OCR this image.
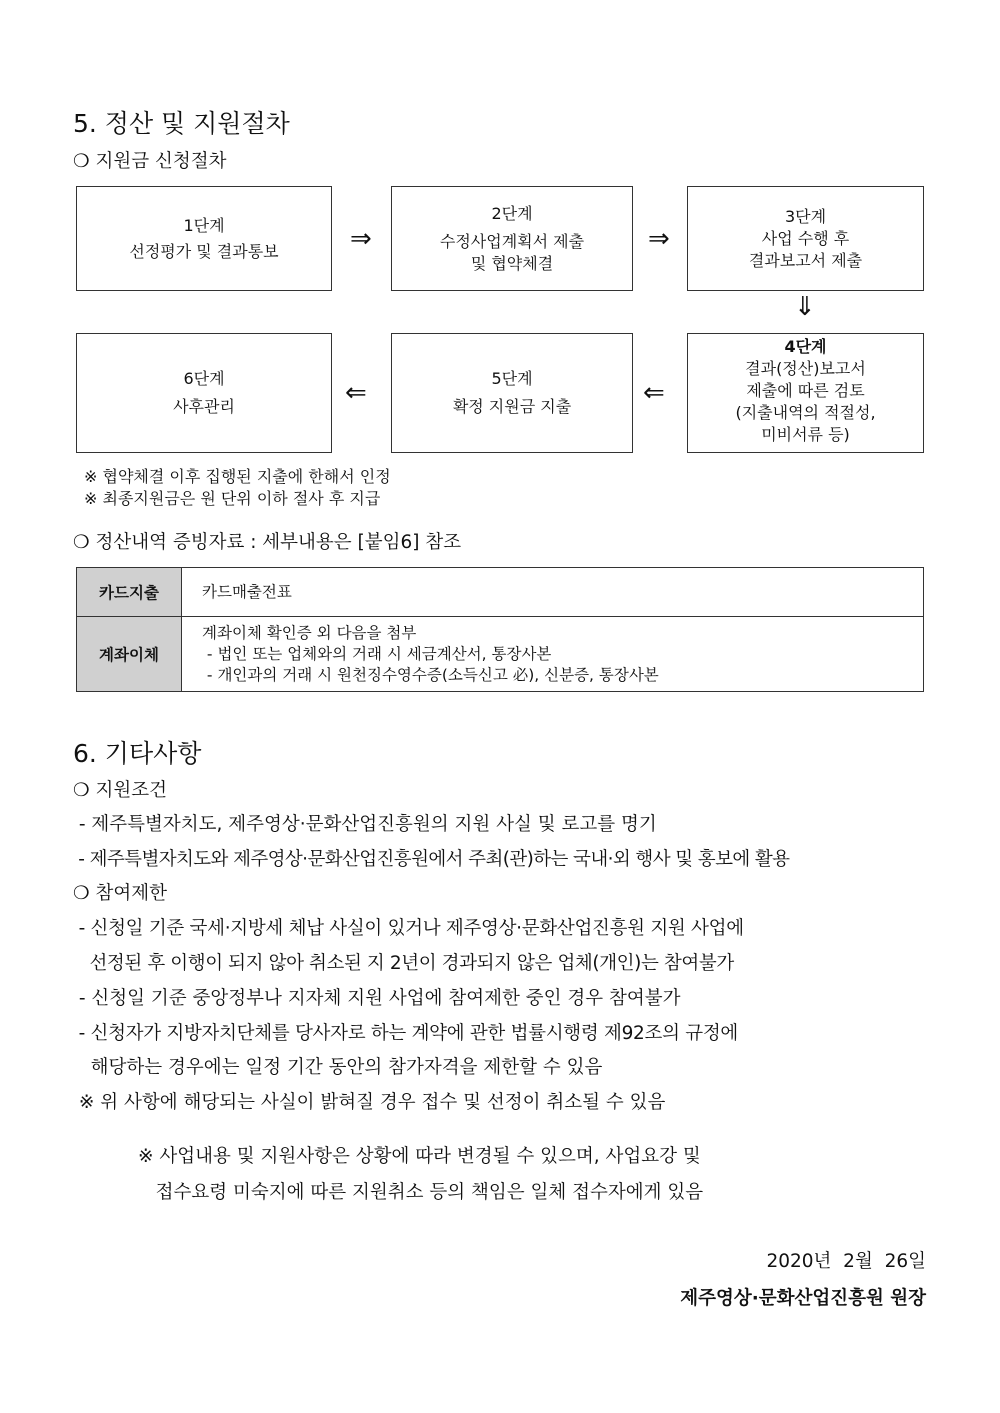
5. 정산 및 지원절차
❍ 지원금 신청절차
1단계
선정평가 및 결과통보	⇒
2단계
수정사업계획서 제출
및 협약체결
⇒
3단계
사업 수행 후
결과보고서 제출
⇓
6단계
사후관리	⇐	5단계
확정 지원금 지출	⇐
4단계
결과(정산)보고서
제출에 따른 검토
(지출내역의 적절성,
미비서류 등)
※ 협약체결 이후 집행된 지출에 한해서 인정
※ 최종지원금은 원 단위 이하 절사 후 지급
❍ 정산내역 증빙자료 : 세부내용은 [붙임6] 참조
카드지출	카드매출전표

계좌이체	계좌이체 확인증 외 다음을 첨부
- 법인 또는 업체와의 거래 시 세금계산서, 통장사본
- 개인과의 거래 시 원천징수영수증(소득신고 必), 신분증, 통장사본
6. 기타사항
❍ 지원조건
- 제주특별자치도, 제주영상·문화산업진흥원의 지원 사실 및 로고를 명기
- 제주특별자치도와 제주영상·문화산업진흥원에서 주최(관)하는 국내·외 행사 및 홍보에 활용
❍ 참여제한
- 신청일 기준 국세·지방세 체납 사실이 있거나 제주영상·문화산업진흥원 지원 사업에
선정된 후 이행이 되지 않아 취소된 지 2년이 경과되지 않은 업체(개인)는 참여불가
- 신청일 기준 중앙정부나 지자체 지원 사업에 참여제한 중인 경우 참여불가
- 신청자가 지방자치단체를 당사자로 하는 계약에 관한 법률시행령 제92조의 규정에
해당하는 경우에는 일정 기간 동안의 참가자격을 제한할 수 있음
※ 위 사항에 해당되는 사실이 밝혀질 경우 접수 및 선정이 취소될 수 있음
※ 사업내용 및 지원사항은 상황에 따라 변경될 수 있으며, 사업요강 및
접수요령 미숙지에 따른 지원취소 등의 책임은 일체 접수자에게 있음
2020년  2월  26일
제주영상·문화산업진흥원 원장
